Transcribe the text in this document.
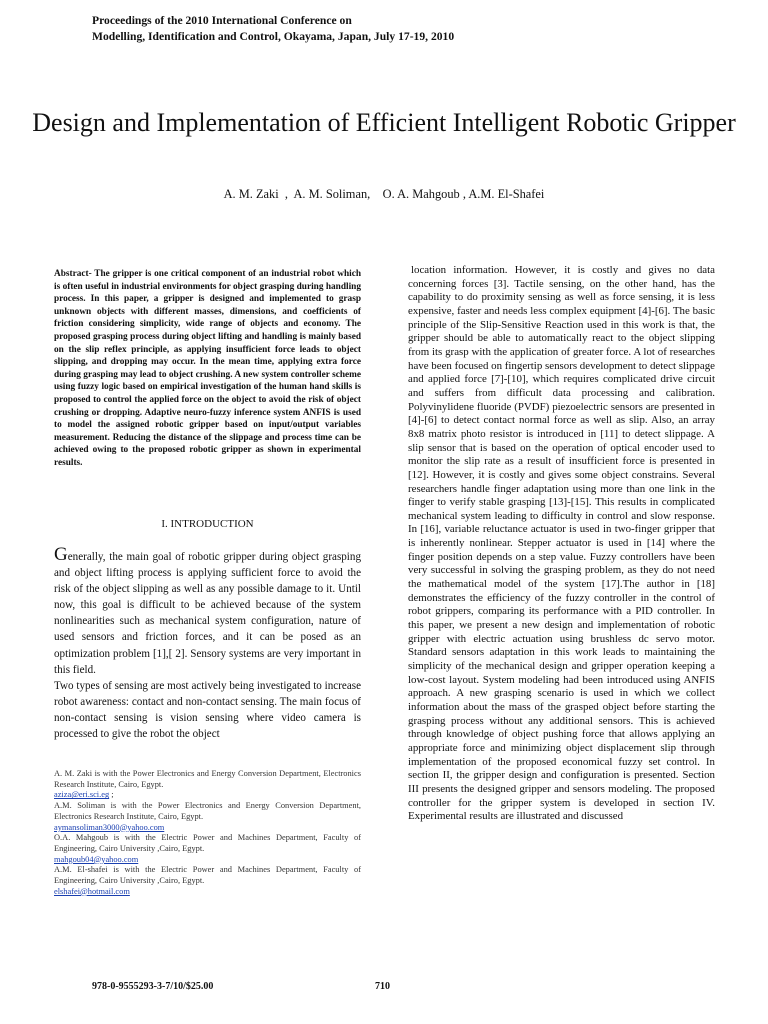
Proceedings of the 2010 International Conference on
Modelling, Identification and Control, Okayama, Japan, July 17-19, 2010
Design and Implementation of Efficient Intelligent Robotic Gripper
A. M. Zaki  ,  A. M. Soliman,    O. A. Mahgoub , A.M. El-Shafei
Abstract- The gripper is one critical component of an industrial robot which is often useful in industrial environments for object grasping during handling process. In this paper, a gripper is designed and implemented to grasp unknown objects with different masses, dimensions, and coefficients of friction considering simplicity, wide range of objects and economy. The proposed grasping process during object lifting and handling is mainly based on the slip reflex principle, as applying insufficient force leads to object slipping, and dropping may occur. In the mean time, applying extra force during grasping may lead to object crushing. A new system controller scheme using fuzzy logic based on empirical investigation of the human hand skills is proposed to control the applied force on the object to avoid the risk of object crushing or dropping. Adaptive neuro-fuzzy inference system ANFIS is used to model the assigned robotic gripper based on input/output variables measurement. Reducing the distance of the slippage and process time can be achieved owing to the proposed robotic gripper as shown in experimental results.
I. INTRODUCTION

Generally, the main goal of robotic gripper during object grasping and object lifting process is applying sufficient force to avoid the risk of the object slipping as well as any possible damage to it. Until now, this goal is difficult to be achieved because of the system nonlinearities such as mechanical system configuration, nature of used sensors and friction forces, and it can be posed as an optimization problem [1],[ 2]. Sensory systems are very important in this field.

Two types of sensing are most actively being investigated to increase robot awareness: contact and non-contact sensing. The main focus of non-contact sensing is vision sensing where video camera is processed to give the robot the object

A. M. Zaki is with the Power Electronics and Energy Conversion Department, Electronics Research Institute, Cairo, Egypt.

aziza@eri.sci.eg ;

A.M. Soliman is with the Power Electronics and Energy Conversion Department, Electronics Research Institute, Cairo, Egypt.

aymansoliman3000@yahoo.com

O.A. Mahgoub is with the Electric Power and Machines Department, Faculty of Engineering, Cairo University ,Cairo, Egypt.

mahgoub04@yahoo.com

A.M. El-shafei is with the Electric Power and Machines Department, Faculty of Engineering, Cairo University ,Cairo, Egypt.

elshafei@hotmail.com

location information. However, it is costly and gives no data concerning forces [3]. Tactile sensing, on the other hand, has the capability to do proximity sensing as well as force sensing, it is less expensive, faster and needs less complex equipment [4]-[6]. The basic principle of the Slip-Sensitive Reaction used in this work is that, the gripper should be able to automatically react to the object slipping from its grasp with the application of greater force. A lot of researches have been focused on fingertip sensors development to detect slippage and applied force [7]-[10], which requires complicated drive circuit and suffers from difficult data processing and calibration. Polyvinylidene fluoride (PVDF) piezoelectric sensors are presented in [4]-[6] to detect contact normal force as well as slip. Also, an array 8x8 matrix photo resistor is introduced in [11] to detect slippage. A slip sensor that is based on the operation of optical encoder used to monitor the slip rate as a result of insufficient force is presented in [12]. However, it is costly and gives some object constrains. Several researchers handle finger adaptation using more than one link in the finger to verify stable grasping [13]-[15]. This results in complicated mechanical system leading to difficulty in control and slow response. In [16], variable reluctance actuator is used in two-finger gripper that is inherently nonlinear. Stepper actuator is used in [14] where the finger position depends on a step value. Fuzzy controllers have been very successful in solving the grasping problem, as they do not need the mathematical model of the system [17].The author in [18] demonstrates the efficiency of the fuzzy controller in the control of robot grippers, comparing its performance with a PID controller. In this paper, we present a new design and implementation of robotic gripper with electric actuation using brushless dc servo motor. Standard sensors adaptation in this work leads to maintaining the simplicity of the mechanical design and gripper operation keeping a low-cost layout. System modeling had been introduced using ANFIS approach. A new grasping scenario is used in which we collect information about the mass of the grasped object before starting the grasping process without any additional sensors. This is achieved through knowledge of object pushing force that allows applying an appropriate force and minimizing object displacement slip through implementation of the proposed economical fuzzy set control. In section II, the gripper design and configuration is presented. Section III presents the designed gripper and sensors modeling. The proposed controller for the gripper system is developed in section IV. Experimental results are illustrated and discussed

978-0-9555293-3-7/10/$25.00	710
